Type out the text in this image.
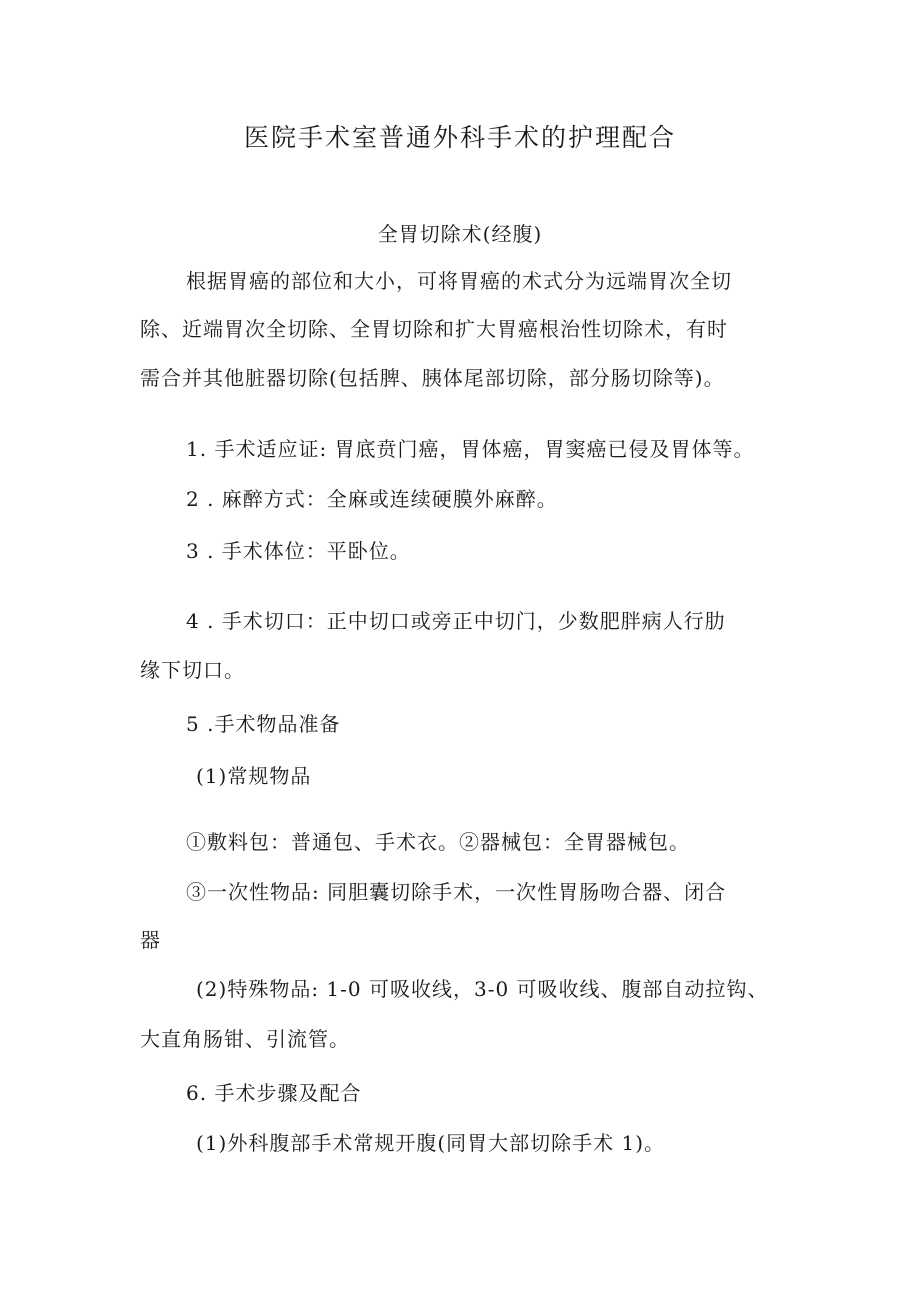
医院手术室普通外科手术的护理配合
全胃切除术(经腹)

根据胃癌的部位和大小，可将胃癌的术式分为远端胃次全切

除、近端胃次全切除、全胃切除和扩大胃癌根治性切除术，有时

需合并其他脏器切除(包括脾、胰体尾部切除，部分肠切除等)。

1. 手术适应证: 胃底贲门癌，胃体癌，胃窦癌已侵及胃体等。

2 . 麻醉方式：全麻或连续硬膜外麻醉。

3 . 手术体位：平卧位。

4 . 手术切口：正中切口或旁正中切门，少数肥胖病人行肋

缘下切口。

5 .手术物品准备

(1)常规物品

①敷料包：普通包、手术衣。②器械包：全胃器械包。

③一次性物品: 同胆囊切除手术，一次性胃肠吻合器、闭合

器

(2)特殊物品: 1-0 可吸收线，3-0 可吸收线、腹部自动拉钩、

大直角肠钳、引流管。

6. 手术步骤及配合

(1)外科腹部手术常规开腹(同胃大部切除手术 1)。
